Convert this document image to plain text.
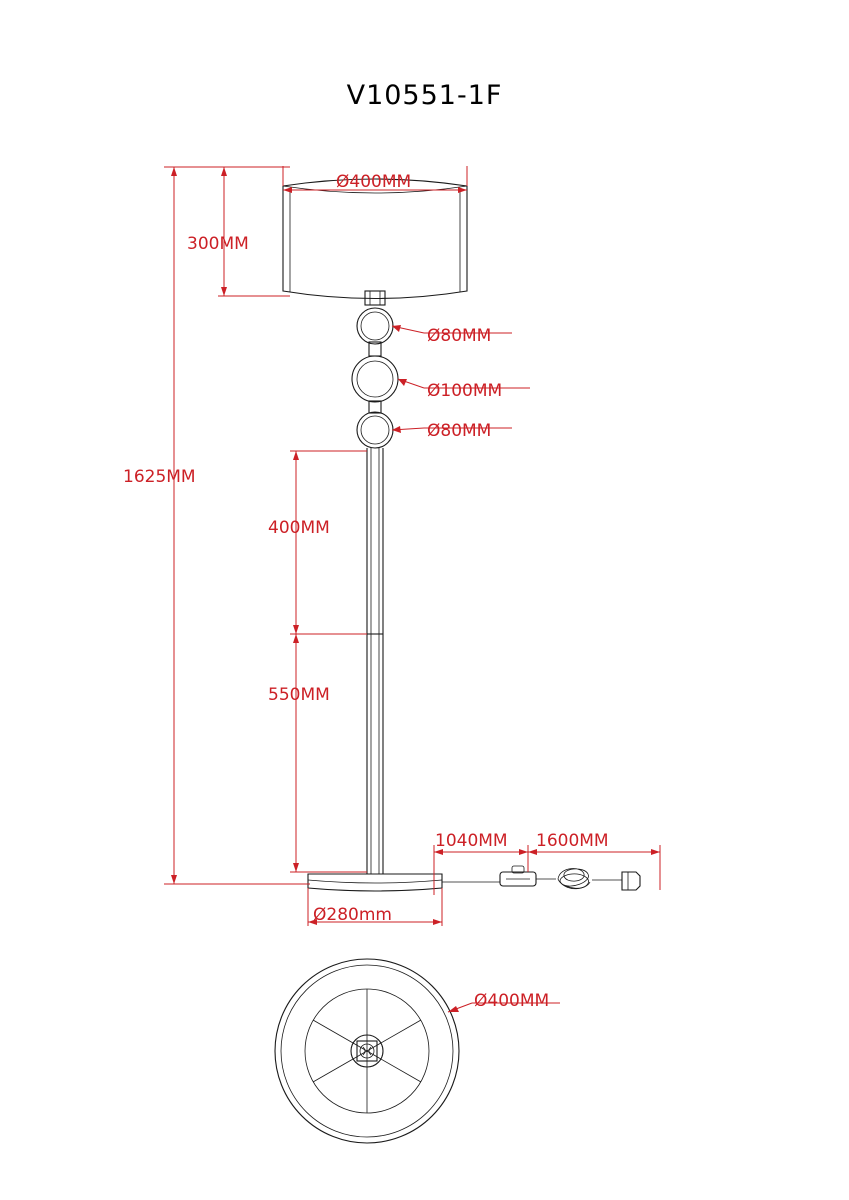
V10551-1F
Ø400MM
300MM
Ø80MM
Ø100MM
Ø80MM
1625MM
400MM
550MM
1040MM 1600MM
Ø280mm
Ø400MM
